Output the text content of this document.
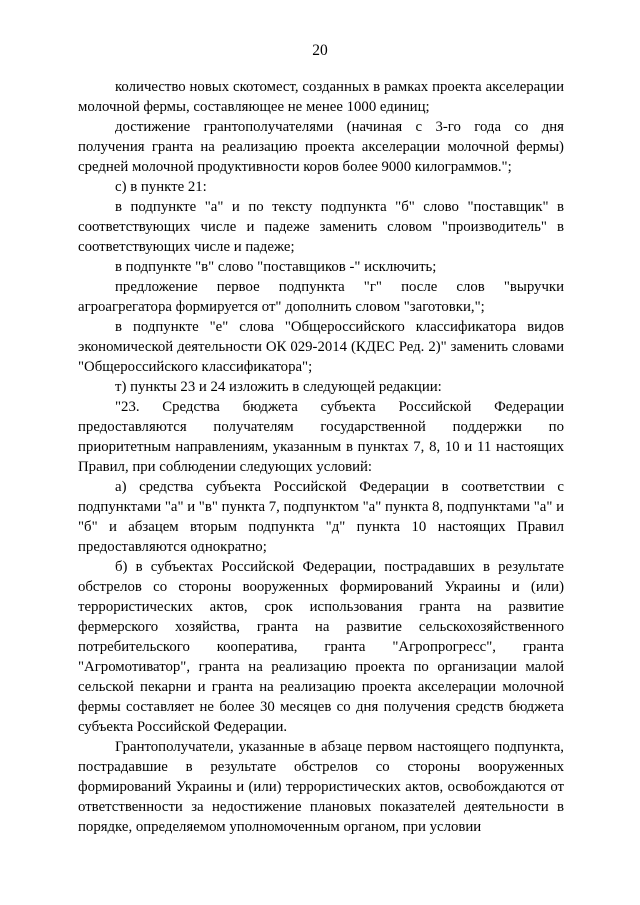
20

количество новых скотомест, созданных в рамках проекта акселерации молочной фермы, составляющее не менее 1000 единиц;

достижение грантополучателями (начиная с 3-го года со дня получения гранта на реализацию проекта акселерации молочной фермы) средней молочной продуктивности коров более 9000 килограммов.";

с) в пункте 21:

в подпункте "а" и по тексту подпункта "б" слово "поставщик" в соответствующих числе и падеже заменить словом "производитель" в соответствующих числе и падеже;

в подпункте "в" слово "поставщиков -" исключить;

предложение первое подпункта "г" после слов "выручки агроагрегатора формируется от" дополнить словом "заготовки,";

в подпункте "е" слова "Общероссийского классификатора видов экономической деятельности ОК 029-2014 (КДЕС Ред. 2)" заменить словами "Общероссийского классификатора";

т) пункты 23 и 24 изложить в следующей редакции:

"23. Средства бюджета субъекта Российской Федерации предоставляются получателям государственной поддержки по приоритетным направлениям, указанным в пунктах 7, 8, 10 и 11 настоящих Правил, при соблюдении следующих условий:

а) средства субъекта Российской Федерации в соответствии с подпунктами "а" и "в" пункта 7, подпунктом "а" пункта 8, подпунктами "а" и "б" и абзацем вторым подпункта "д" пункта 10 настоящих Правил предоставляются однократно;

б) в субъектах Российской Федерации, пострадавших в результате обстрелов со стороны вооруженных формирований Украины и (или) террористических актов, срок использования гранта на развитие фермерского хозяйства, гранта на развитие сельскохозяйственного потребительского кооператива, гранта "Агропрогресс", гранта "Агромотиватор", гранта на реализацию проекта по организации малой сельской пекарни и гранта на реализацию проекта акселерации молочной фермы составляет не более 30 месяцев со дня получения средств бюджета субъекта Российской Федерации.

Грантополучатели, указанные в абзаце первом настоящего подпункта, пострадавшие в результате обстрелов со стороны вооруженных формирований Украины и (или) террористических актов, освобождаются от ответственности за недостижение плановых показателей деятельности в порядке, определяемом уполномоченным органом, при условии
